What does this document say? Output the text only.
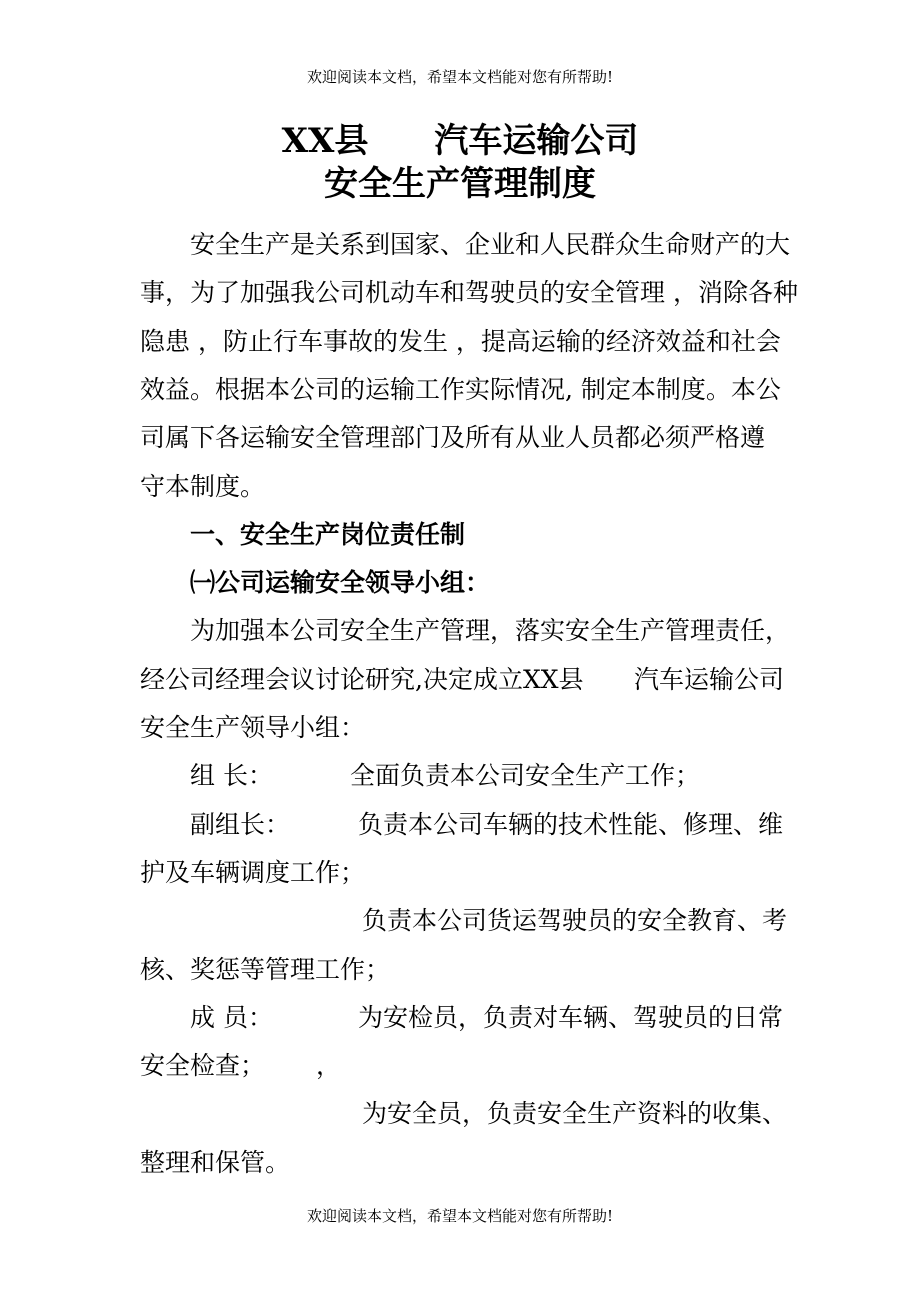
欢迎阅读本文档，希望本文档能对您有所帮助!
XX县 汽车运输公司
安全生产管理制度
安全生产是关系到国家、企业和人民群众生命财产的大
事，为了加强我公司机动车和驾驶员的安全管理 ，消除各种
隐患 ，防止行车事故的发生 ，提高运输的经济效益和社会
效益。根据本公司的运输工作实际情况, 制定本制度。本公
司属下各运输安全管理部门及所有从业人员都必须严格遵
守本制度。
一、安全生产岗位责任制
㈠公司运输安全领导小组：
为加强本公司安全生产管理，落实安全生产管理责任，
经公司经理会议讨论研究,决定成立XX县 汽车运输公司
安全生产领导小组：
组 长：	全面负责本公司安全生产工作；
副组长：	负责本公司车辆的技术性能、修理、维
护及车辆调度工作；
负责本公司货运驾驶员的安全教育、考
核、奖惩等管理工作；
成 员：	为安检员，负责对车辆、驾驶员的日常
安全检查； ，
为安全员，负责安全生产资料的收集、
整理和保管。
欢迎阅读本文档，希望本文档能对您有所帮助!
